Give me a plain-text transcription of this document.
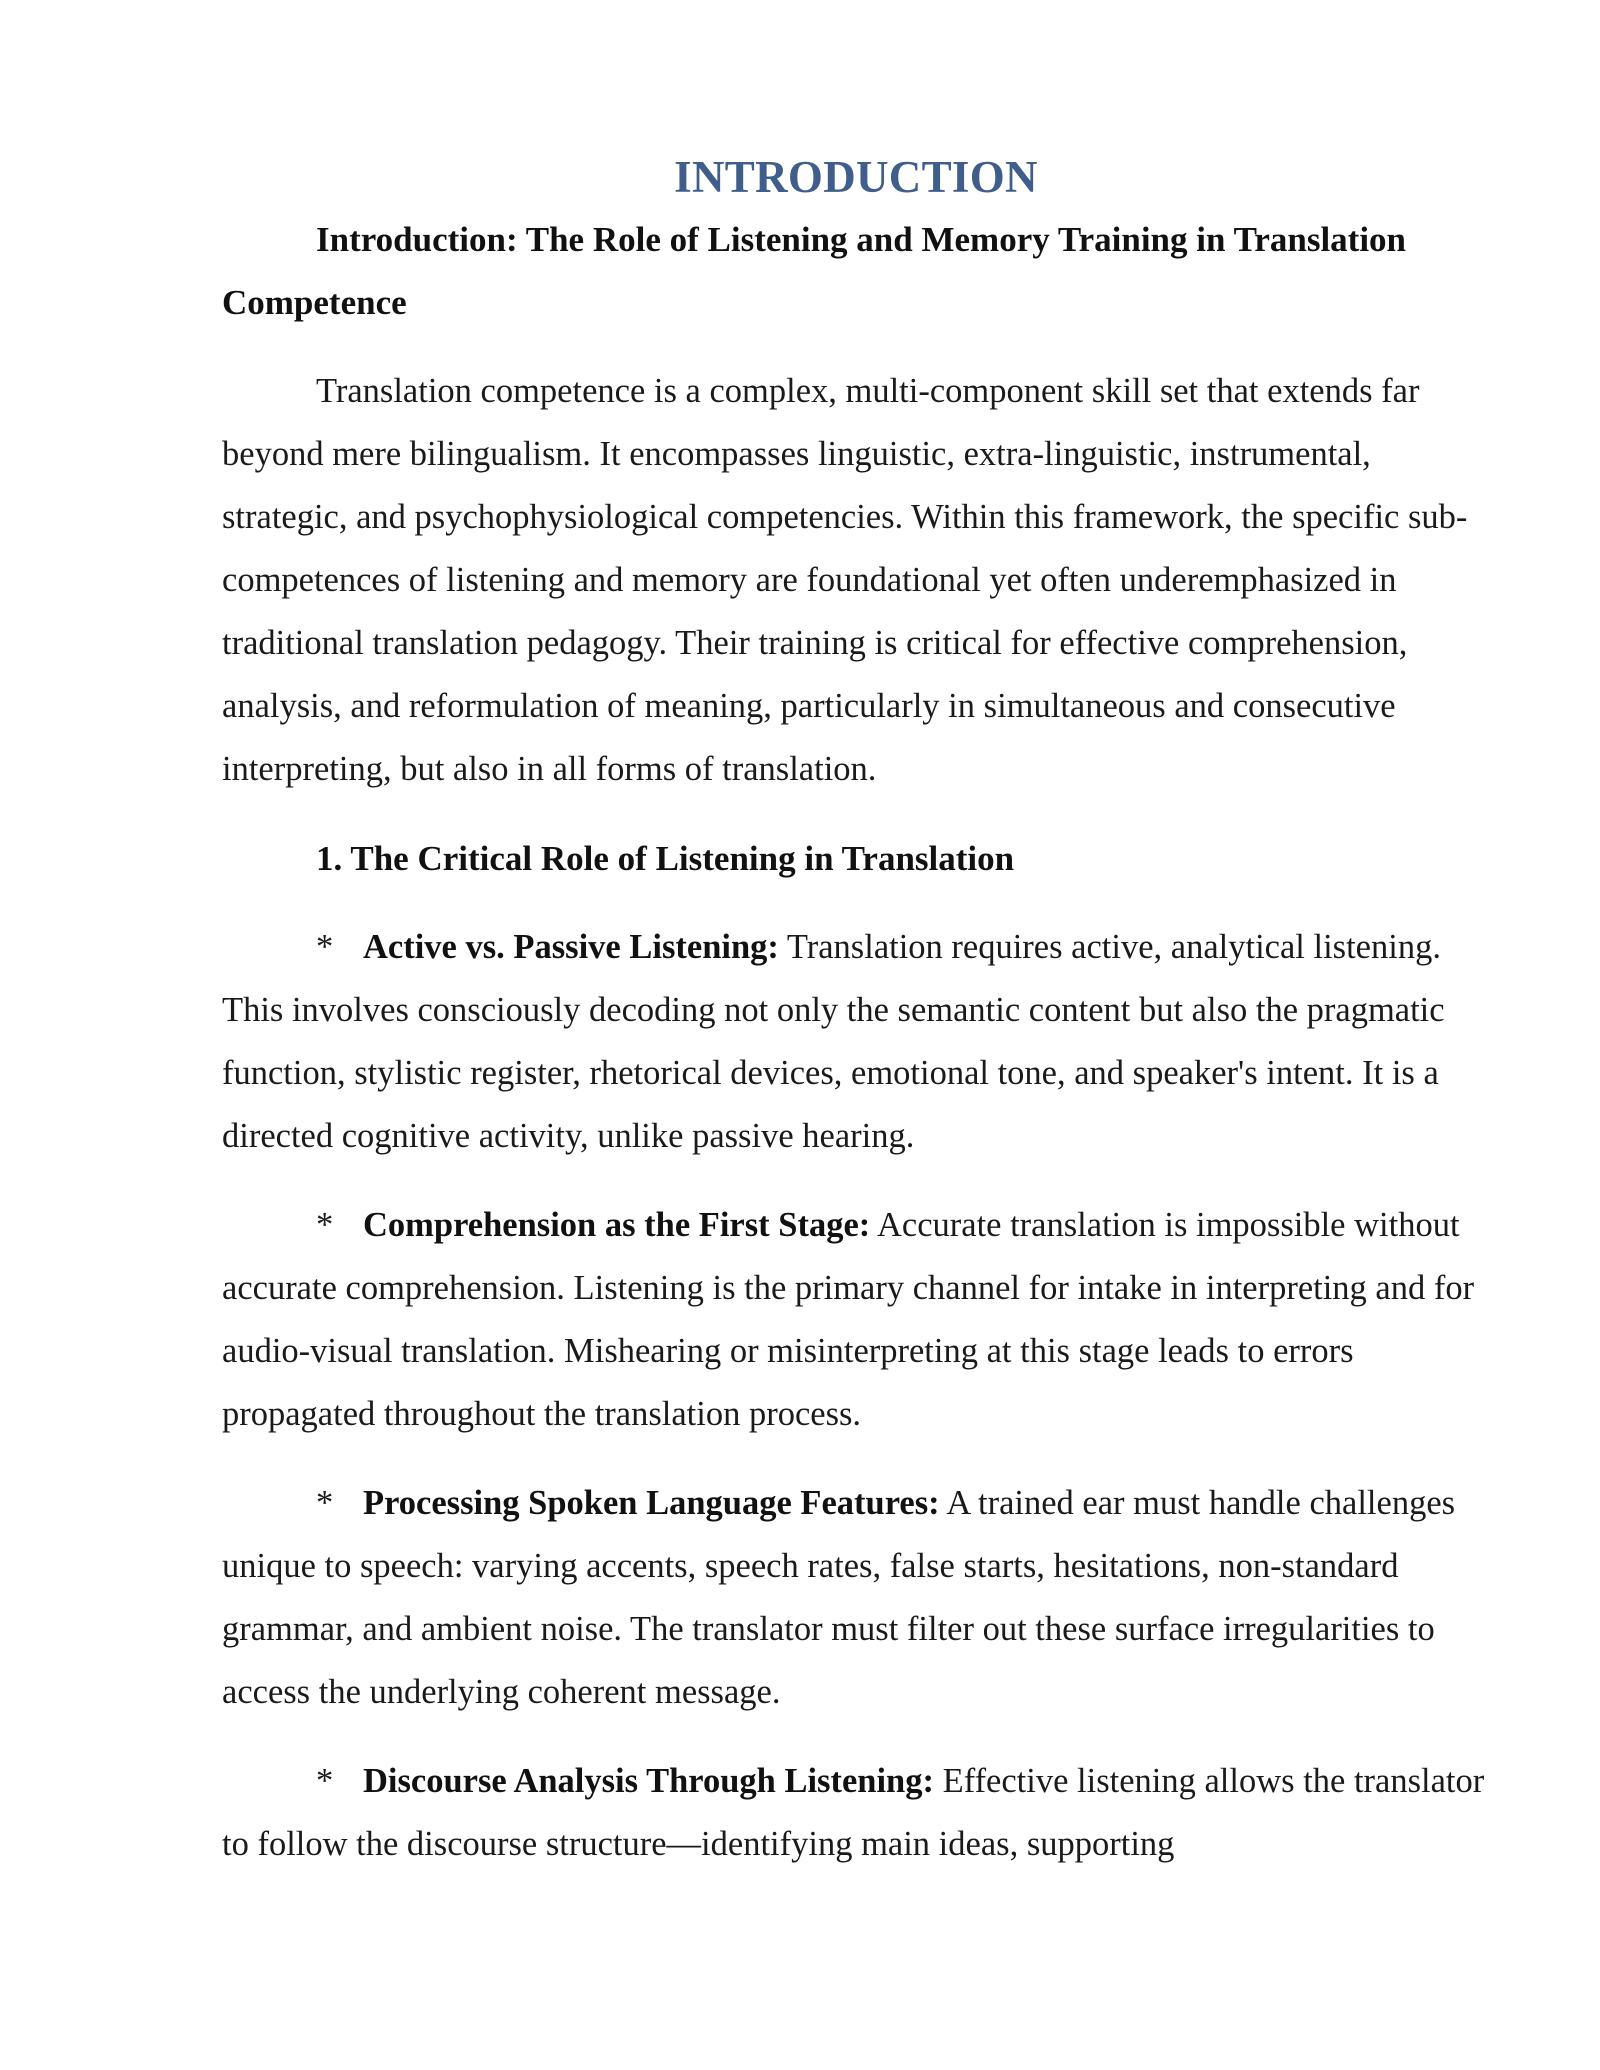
INTRODUCTION

Introduction: The Role of Listening and Memory Training in Translation Competence

Translation competence is a complex, multi-component skill set that extends far beyond mere bilingualism. It encompasses linguistic, extra-linguistic, instrumental, strategic, and psychophysiological competencies. Within this framework, the specific sub-competences of listening and memory are foundational yet often underemphasized in traditional translation pedagogy. Their training is critical for effective comprehension, analysis, and reformulation of meaning, particularly in simultaneous and consecutive interpreting, but also in all forms of translation.

1. The Critical Role of Listening in Translation

* Active vs. Passive Listening: Translation requires active, analytical listening. This involves consciously decoding not only the semantic content but also the pragmatic function, stylistic register, rhetorical devices, emotional tone, and speaker's intent. It is a directed cognitive activity, unlike passive hearing.

* Comprehension as the First Stage: Accurate translation is impossible without accurate comprehension. Listening is the primary channel for intake in interpreting and for audio-visual translation. Mishearing or misinterpreting at this stage leads to errors propagated throughout the translation process.

* Processing Spoken Language Features: A trained ear must handle challenges unique to speech: varying accents, speech rates, false starts, hesitations, non-standard grammar, and ambient noise. The translator must filter out these surface irregularities to access the underlying coherent message.

* Discourse Analysis Through Listening: Effective listening allows the translator to follow the discourse structure—identifying main ideas, supporting
